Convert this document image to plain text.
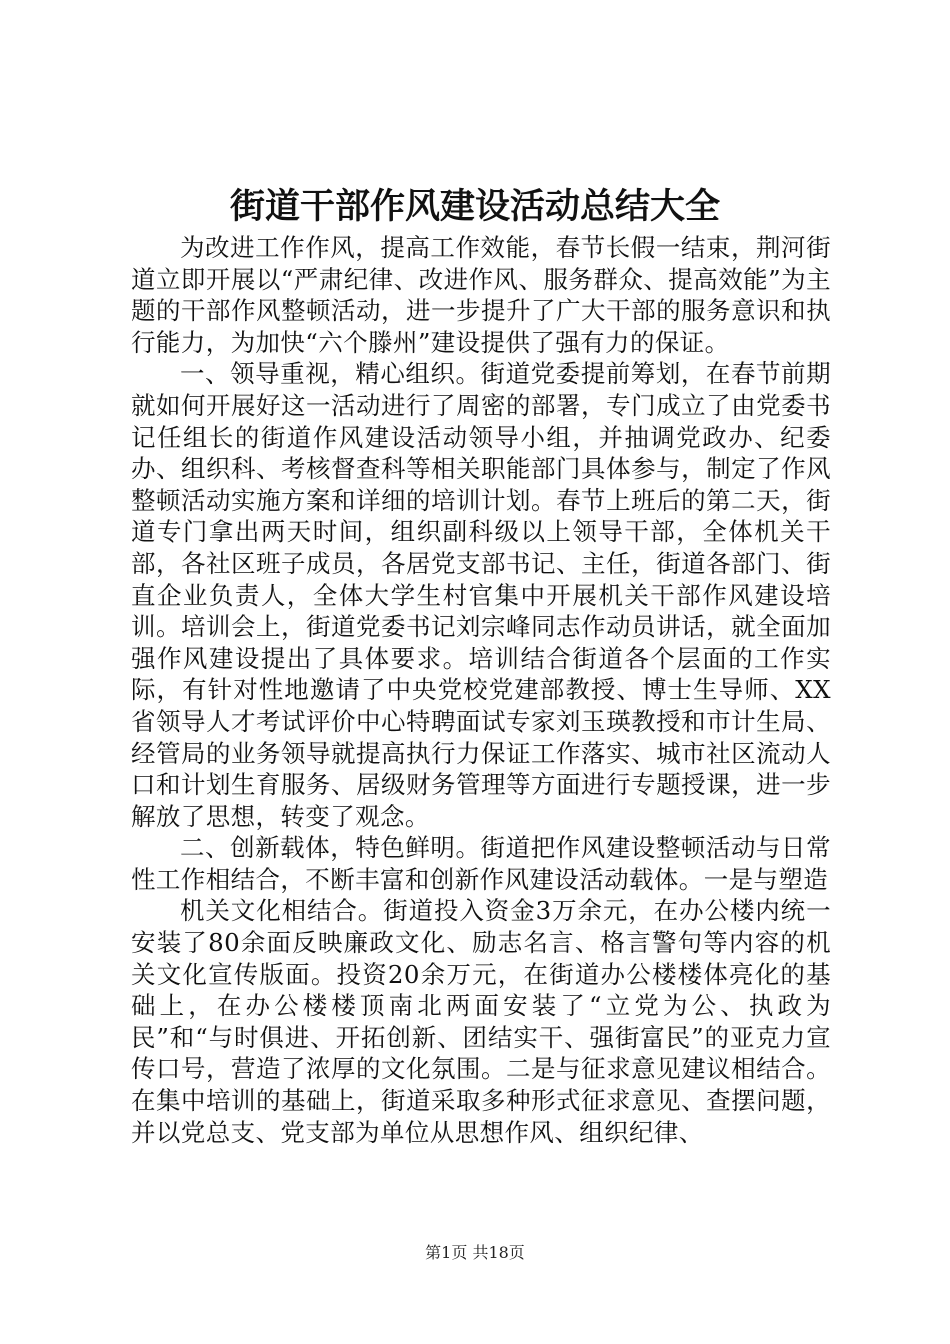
街道干部作风建设活动总结大全

为改进工作作风，提高工作效能，春节长假一结束，荆河街道立即开展以“严肃纪律、改进作风、服务群众、提高效能”为主题的干部作风整顿活动，进一步提升了广大干部的服务意识和执行能力，为加快“六个滕州”建设提供了强有力的保证。

一、领导重视，精心组织。街道党委提前筹划，在春节前期就如何开展好这一活动进行了周密的部署，专门成立了由党委书记任组长的街道作风建设活动领导小组，并抽调党政办、纪委办、组织科、考核督查科等相关职能部门具体参与，制定了作风整顿活动实施方案和详细的培训计划。春节上班后的第二天，街道专门拿出两天时间，组织副科级以上领导干部，全体机关干部，各社区班子成员，各居党支部书记、主任，街道各部门、街直企业负责人，全体大学生村官集中开展机关干部作风建设培训。培训会上，街道党委书记刘宗峰同志作动员讲话，就全面加强作风建设提出了具体要求。培训结合街道各个层面的工作实际，有针对性地邀请了中央党校党建部教授、博士生导师、XX省领导人才考试评价中心特聘面试专家刘玉瑛教授和市计生局、经管局的业务领导就提高执行力保证工作落实、城市社区流动人口和计划生育服务、居级财务管理等方面进行专题授课，进一步解放了思想，转变了观念。

二、创新载体，特色鲜明。街道把作风建设整顿活动与日常性工作相结合，不断丰富和创新作风建设活动载体。一是与塑造

机关文化相结合。街道投入资金3万余元，在办公楼内统一安装了80余面反映廉政文化、励志名言、格言警句等内容的机关文化宣传版面。投资20余万元，在街道办公楼楼体亮化的基础上，在办公楼楼顶南北两面安装了“立党为公、执政为民”和“与时俱进、开拓创新、团结实干、强街富民”的亚克力宣传口号，营造了浓厚的文化氛围。二是与征求意见建议相结合。在集中培训的基础上，街道采取多种形式征求意见、查摆问题，并以党总支、党支部为单位从思想作风、组织纪律、

第1页 共18页
